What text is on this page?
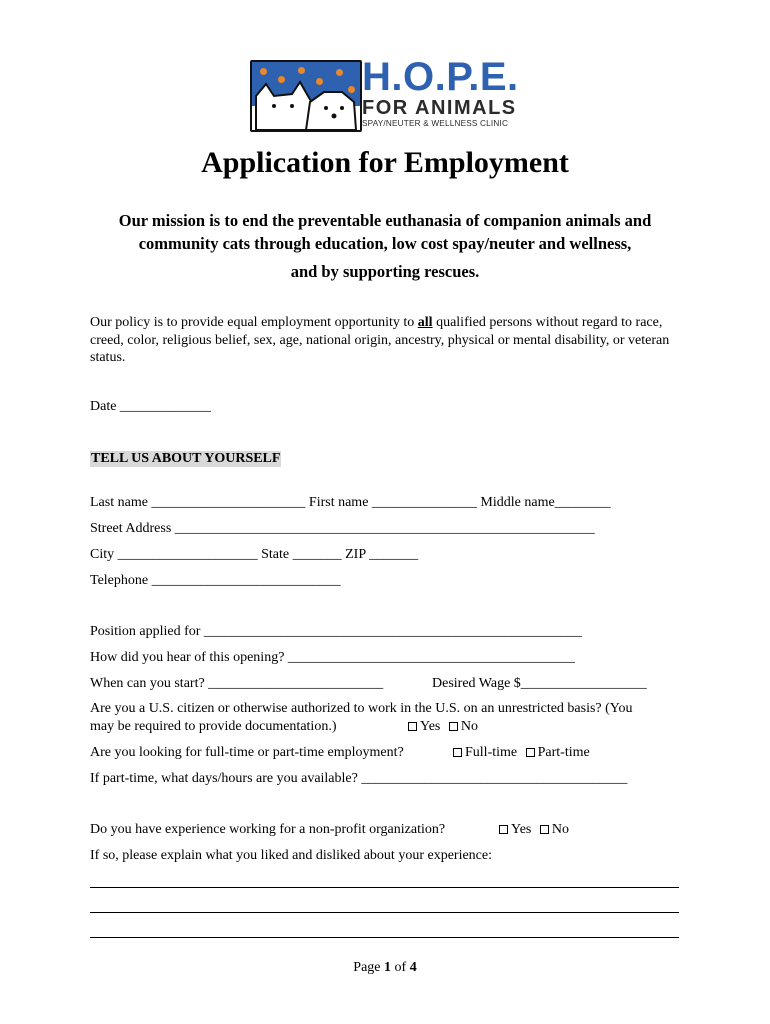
H.O.P.E.
FOR ANIMALS
SPAY/NEUTER & WELLNESS CLINIC
Application for Employment
Our mission is to end the preventable euthanasia of companion animals and
community cats through education, low cost spay/neuter and wellness,
and by supporting rescues.
Our policy is to provide equal employment opportunity to all qualified persons without regard to race, creed, color, religious belief, sex, age, national origin, ancestry, physical or mental disability, or veteran status.
Date _____________
TELL US ABOUT YOURSELF
Last name ______________________ First name _______________ Middle name________
Street Address ____________________________________________________________
City ____________________ State _______ ZIP _______
Telephone ___________________________
Position applied for ______________________________________________________
How did you hear of this opening? _________________________________________
When can you start? _________________________	Desired Wage $__________________
Are you a U.S. citizen or otherwise authorized to work in the U.S. on an unrestricted basis? (You
may be required to provide documentation.)	Yes No
Are you looking for full-time or part-time employment?	Full-time Part-time
If part-time, what days/hours are you available? ______________________________________
Do you have experience working for a non-profit organization?	Yes No
If so, please explain what you liked and disliked about your experience:
Page 1 of 4
